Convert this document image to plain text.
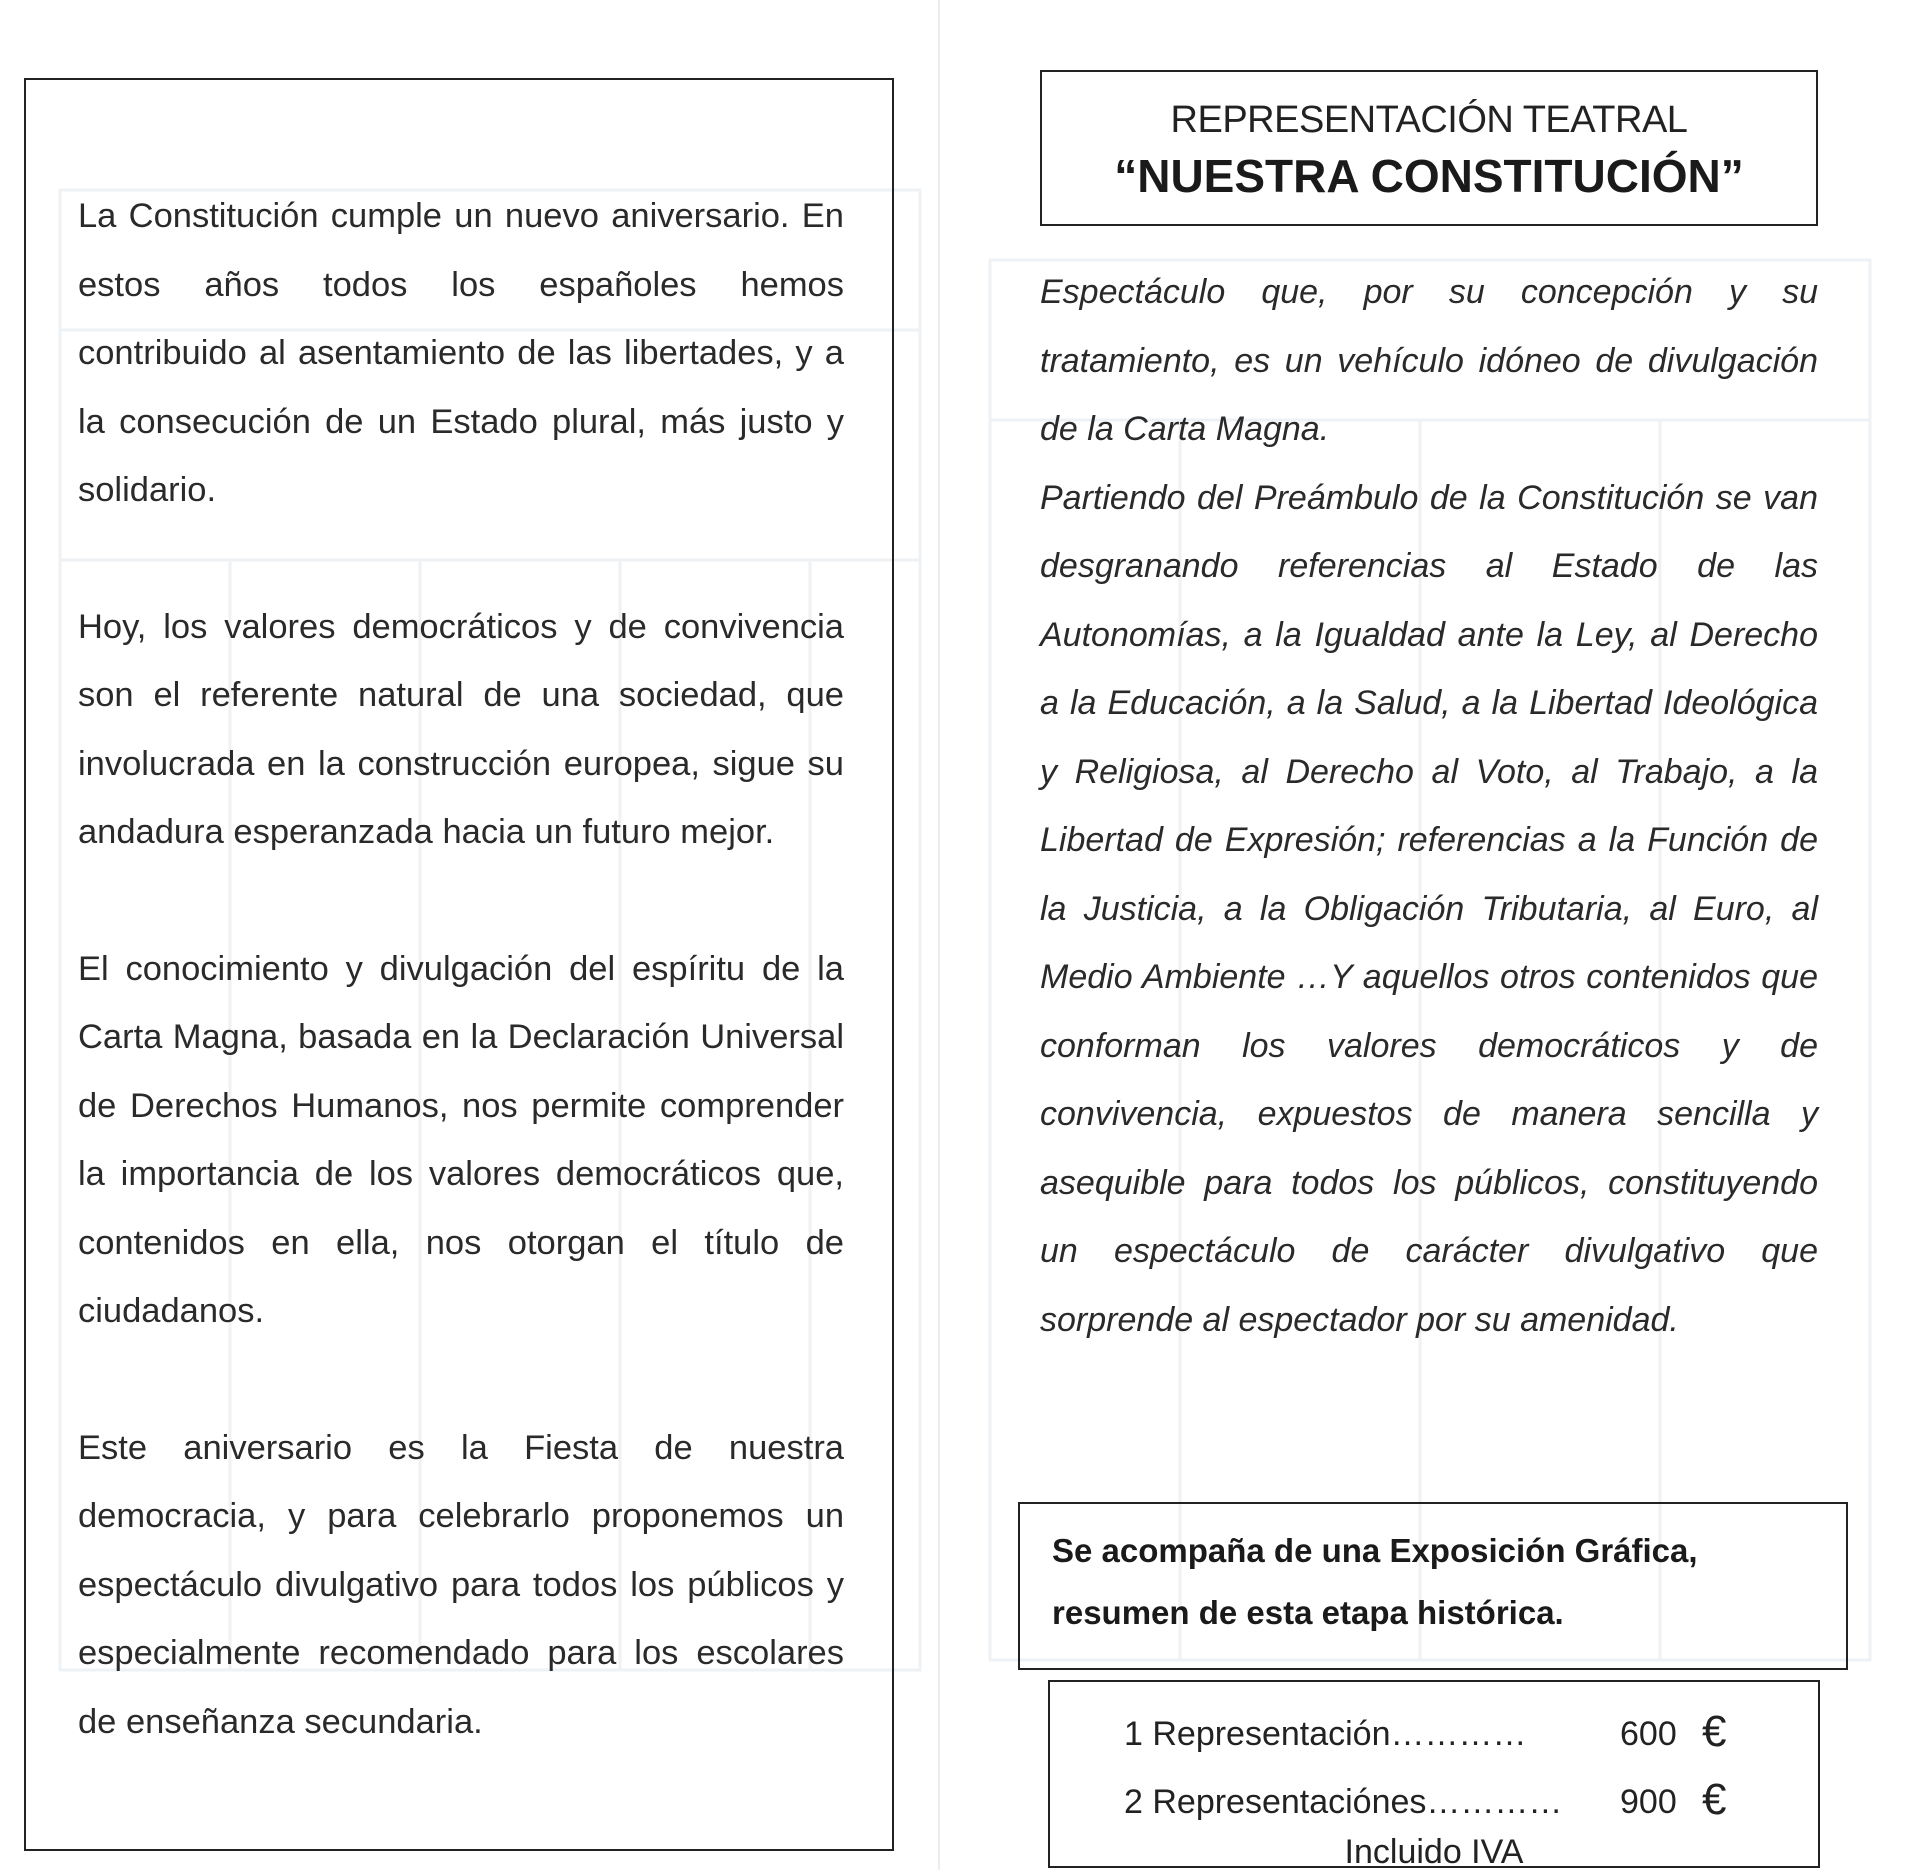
La Constitución cumple un nuevo aniversario. En estos años todos los españoles hemos contribuido al asentamiento de las libertades, y a la consecución de un Estado plural, más justo y solidario.

Hoy, los valores democráticos y de convivencia son el referente natural de una sociedad, que involucrada en la construcción europea, sigue su andadura esperanzada hacia un futuro mejor.

El conocimiento y divulgación del espíritu de la Carta Magna, basada en la Declaración Universal de Derechos Humanos, nos permite comprender la importancia de los valores democráticos que, contenidos en ella, nos otorgan el título de ciudadanos.

Este aniversario es la Fiesta de nuestra democracia, y para celebrarlo proponemos un espectáculo divulgativo para todos los públicos y especialmente recomendado para los escolares de enseñanza secundaria.

REPRESENTACIÓN TEATRAL
“NUESTRA CONSTITUCIÓN”

Espectáculo que, por su concepción y su tratamiento, es un vehículo idóneo de divulgación de la Carta Magna.

Partiendo del Preámbulo de la Constitución se van desgranando referencias al Estado de las Autonomías, a la Igualdad ante la Ley, al Derecho a la Educación, a la Salud, a la Libertad Ideológica y Religiosa, al Derecho al Voto, al Trabajo, a la Libertad de Expresión; referencias a la Función de la Justicia, a la Obligación Tributaria, al Euro, al Medio Ambiente …Y aquellos otros contenidos que conforman los valores democráticos y de convivencia, expuestos de manera sencilla y asequible para todos los públicos, constituyendo un espectáculo de carácter divulgativo que sorprende al espectador por su amenidad.

Se acompaña de una Exposición Gráfica, resumen de esta etapa histórica.
1 Representación…………	600 €
2 Representaciónes………… 900 €
Incluido IVA
